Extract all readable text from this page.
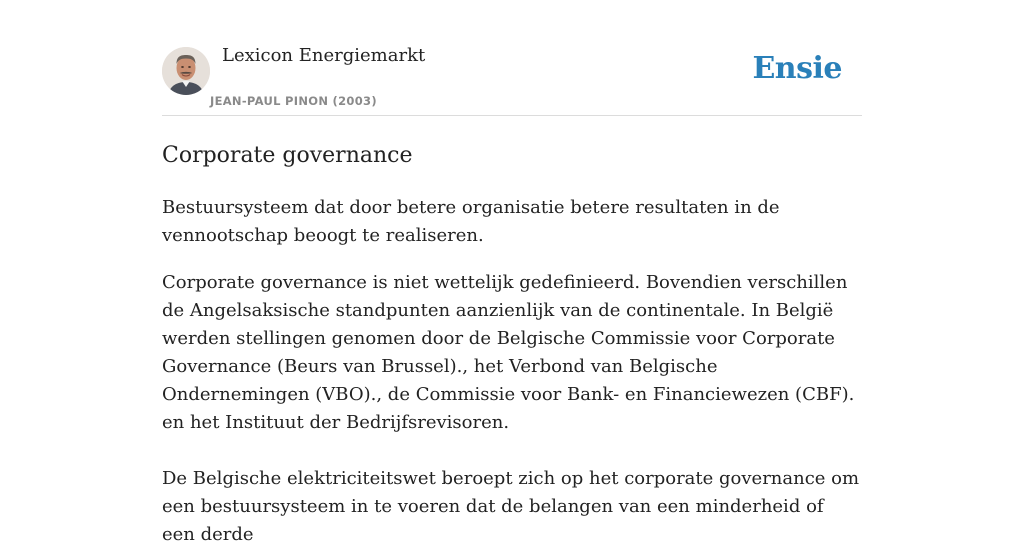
Lexicon Energiemarkt
JEAN-PAUL PINON (2003)
Ensie
Corporate governance

Bestuursysteem dat door betere organisatie betere resultaten in de vennootschap beoogt te realiseren.

Corporate governance is niet wettelijk gedefinieerd. Bovendien verschillen de Angelsaksische standpunten aanzienlijk van de continentale. In België werden stellingen genomen door de Belgische Commissie voor Corporate Governance (Beurs van Brussel)., het Verbond van Belgische Ondernemingen (VBO)., de Commissie voor Bank- en Financiewezen (CBF). en het Instituut der Bedrijfsrevisoren.

De Belgische elektriciteitswet beroept zich op het corporate governance om een bestuursysteem in te voeren dat de belangen van een minderheid of een derde
